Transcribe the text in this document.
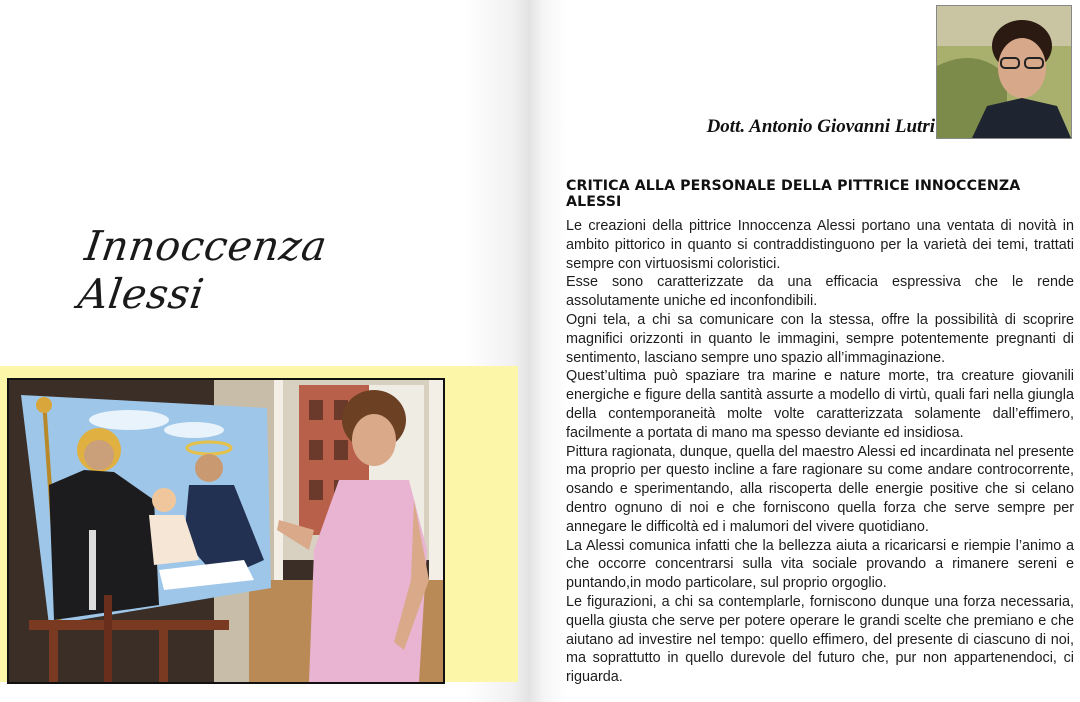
Innoccenza Alessi
Dott. Antonio Giovanni Lutri
CRITICA ALLA PERSONALE DELLA PITTRICE INNOCCENZA ALESSI

Le creazioni della pittrice Innoccenza Alessi portano una ventata di novità in ambito pittorico in quanto si contraddistinguono per la varietà dei temi, trattati sempre con virtuosismi coloristici.

Esse sono caratterizzate da una efficacia espressiva che le rende assolutamente uniche ed inconfondibili.

Ogni tela, a chi sa comunicare con la stessa, offre la possibilità di scoprire magnifici orizzonti in quanto le immagini, sempre potentemente pregnanti di sentimento, lasciano sempre uno spazio all’immaginazione.

Quest’ultima può spaziare tra marine e nature morte, tra creature giovanili energiche e figure della santità assurte a modello di virtù, quali fari nella giungla della contemporaneità molte volte caratterizzata solamente dall’effimero, facilmente a portata di mano ma spesso deviante ed insidiosa.

Pittura ragionata, dunque, quella del maestro Alessi ed incardinata nel presente ma proprio per questo incline a fare ragionare su come andare controcorrente, osando e sperimentando, alla riscoperta delle energie positive che si celano dentro ognuno di noi e che forniscono quella forza che serve sempre per annegare le difficoltà ed i malumori del vivere quotidiano.

La Alessi comunica infatti che la bellezza aiuta a ricaricarsi e riempie l’animo a che occorre concentrarsi sulla vita sociale provando a rimanere sereni e puntando,in modo particolare, sul proprio orgoglio.

Le figurazioni, a chi sa contemplarle, forniscono dunque una forza necessaria, quella giusta che serve per potere operare le grandi scelte che premiano e che aiutano ad investire nel tempo: quello effimero, del presente di ciascuno di noi, ma soprattutto in quello durevole del futuro che, pur non appartenendoci, ci riguarda.
